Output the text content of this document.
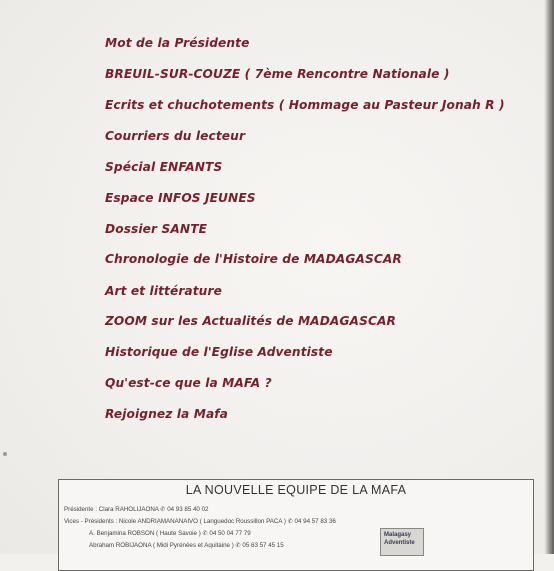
Mot de la Présidente
BREUIL-SUR-COUZE ( 7ème Rencontre Nationale )
Ecrits et chuchotements ( Hommage au Pasteur Jonah R )
Courriers du lecteur
Spécial ENFANTS
Espace INFOS JEUNES
Dossier SANTE
Chronologie de l'Histoire de MADAGASCAR
Art et littérature
ZOOM sur les Actualités de MADAGASCAR
Historique de l'Eglise Adventiste
Qu'est-ce que la MAFA ?
Rejoignez la Mafa
LA NOUVELLE EQUIPE DE LA MAFA
Présidente : Clara RAHOLIJAONA ✆ 04 93 85 40 02
Vices - Présidents : Nicole ANDRIAMANANAIVO ( Languedoc Roussillon PACA ) ✆ 04 94 57 83 36
A. Benjamina ROBSON ( Haute Savoie ) ✆ 04 50 04 77 79
Abraham ROBIJAONA ( Midi Pyrénées et Aquitaine ) ✆ 05 63 57 45 15
Malagasy Adventiste
